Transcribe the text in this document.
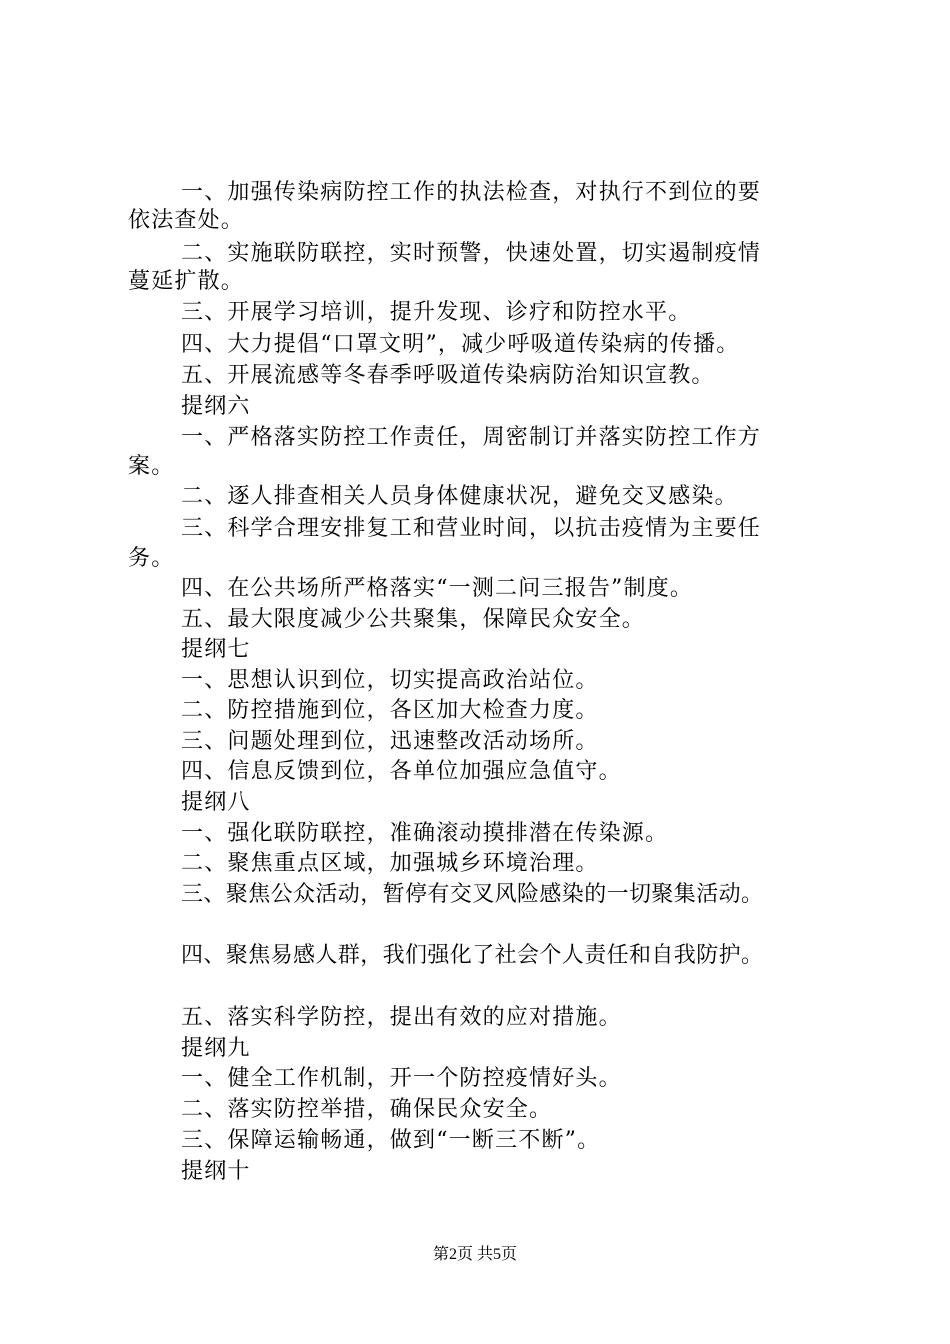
一、加强传染病防控工作的执法检查，对执行不到位的要
依法查处。
二、实施联防联控，实时预警，快速处置，切实遏制疫情
蔓延扩散。
三、开展学习培训，提升发现、诊疗和防控水平。
四、大力提倡“口罩文明”，减少呼吸道传染病的传播。
五、开展流感等冬春季呼吸道传染病防治知识宣教。
提纲六
一、严格落实防控工作责任，周密制订并落实防控工作方
案。
二、逐人排查相关人员身体健康状况，避免交叉感染。
三、科学合理安排复工和营业时间，以抗击疫情为主要任
务。
四、在公共场所严格落实“一测二问三报告”制度。
五、最大限度减少公共聚集，保障民众安全。
提纲七
一、思想认识到位，切实提高政治站位。
二、防控措施到位，各区加大检查力度。
三、问题处理到位，迅速整改活动场所。
四、信息反馈到位，各单位加强应急值守。
提纲八
一、强化联防联控，准确滚动摸排潜在传染源。
二、聚焦重点区域，加强城乡环境治理。
三、聚焦公众活动，暂停有交叉风险感染的一切聚集活动。
四、聚焦易感人群，我们强化了社会个人责任和自我防护。
五、落实科学防控，提出有效的应对措施。
提纲九
一、健全工作机制，开一个防控疫情好头。
二、落实防控举措，确保民众安全。
三、保障运输畅通，做到“一断三不断”。
提纲十
第2页 共5页
